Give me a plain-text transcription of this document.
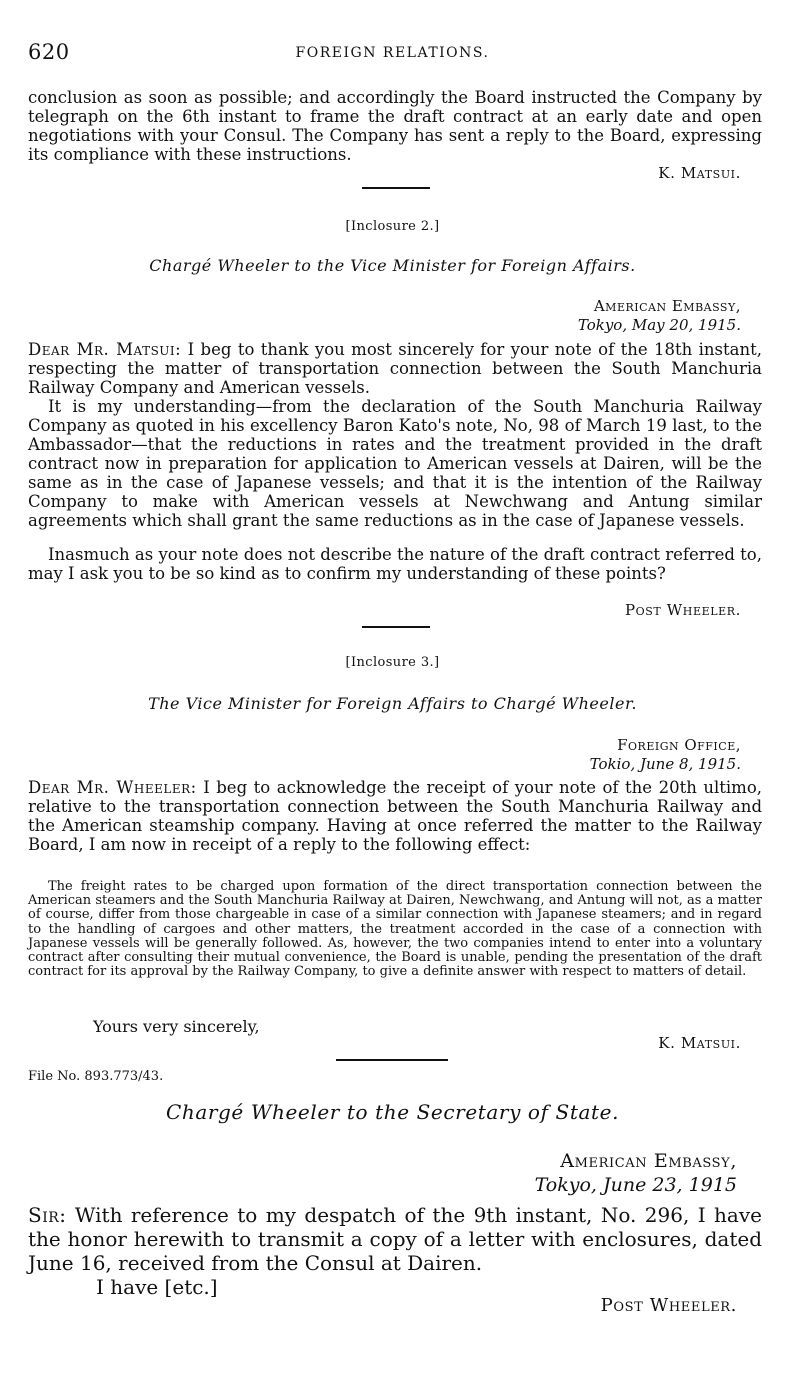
620	FOREIGN RELATIONS.

conclusion as soon as possible; and accordingly the Board instructed the Company by telegraph on the 6th instant to frame the draft contract at an early date and open negotiations with your Consul. The Company has sent a reply to the Board, expressing its compliance with these instructions.

K. Matsui.
[Inclosure 2.]
Chargé Wheeler to the Vice Minister for Foreign Affairs.
American Embassy,
Tokyo, May 20, 1915.

Dear Mr. Matsui: I beg to thank you most sincerely for your note of the 18th instant, respecting the matter of transportation connection between the South Manchuria Railway Company and American vessels.

It is my understanding—from the declaration of the South Manchuria Railway Company as quoted in his excellency Baron Kato's note, No, 98 of March 19 last, to the Ambassador—that the reductions in rates and the treatment provided in the draft contract now in preparation for application to American vessels at Dairen, will be the same as in the case of Japanese vessels; and that it is the intention of the Railway Company to make with American vessels at Newchwang and Antung similar agreements which shall grant the same reductions as in the case of Japanese vessels.

Inasmuch as your note does not describe the nature of the draft contract referred to, may I ask you to be so kind as to confirm my understanding of these points?

Post Wheeler.
[Inclosure 3.]
The Vice Minister for Foreign Affairs to Chargé Wheeler.
Foreign Office,
Tokio, June 8, 1915.

Dear Mr. Wheeler: I beg to acknowledge the receipt of your note of the 20th ultimo, relative to the transportation connection between the South Manchuria Railway and the American steamship company. Having at once referred the matter to the Railway Board, I am now in receipt of a reply to the following effect:

The freight rates to be charged upon formation of the direct transportation connection between the American steamers and the South Manchuria Railway at Dairen, Newchwang, and Antung will not, as a matter of course, differ from those chargeable in case of a similar connection with Japanese steamers; and in regard to the handling of cargoes and other matters, the treatment accorded in the case of a connection with Japanese vessels will be generally followed. As, however, the two companies intend to enter into a voluntary contract after consulting their mutual convenience, the Board is unable, pending the presentation of the draft contract for its approval by the Railway Company, to give a definite answer with respect to matters of detail.

Yours very sincerely,
K. Matsui.
File No. 893.773/43.
Chargé Wheeler to the Secretary of State.
American Embassy,
Tokyo, June 23, 1915

Sir: With reference to my despatch of the 9th instant, No. 296, I have the honor herewith to transmit a copy of a letter with enclosures, dated June 16, received from the Consul at Dairen.

I have [etc.]
Post Wheeler.
